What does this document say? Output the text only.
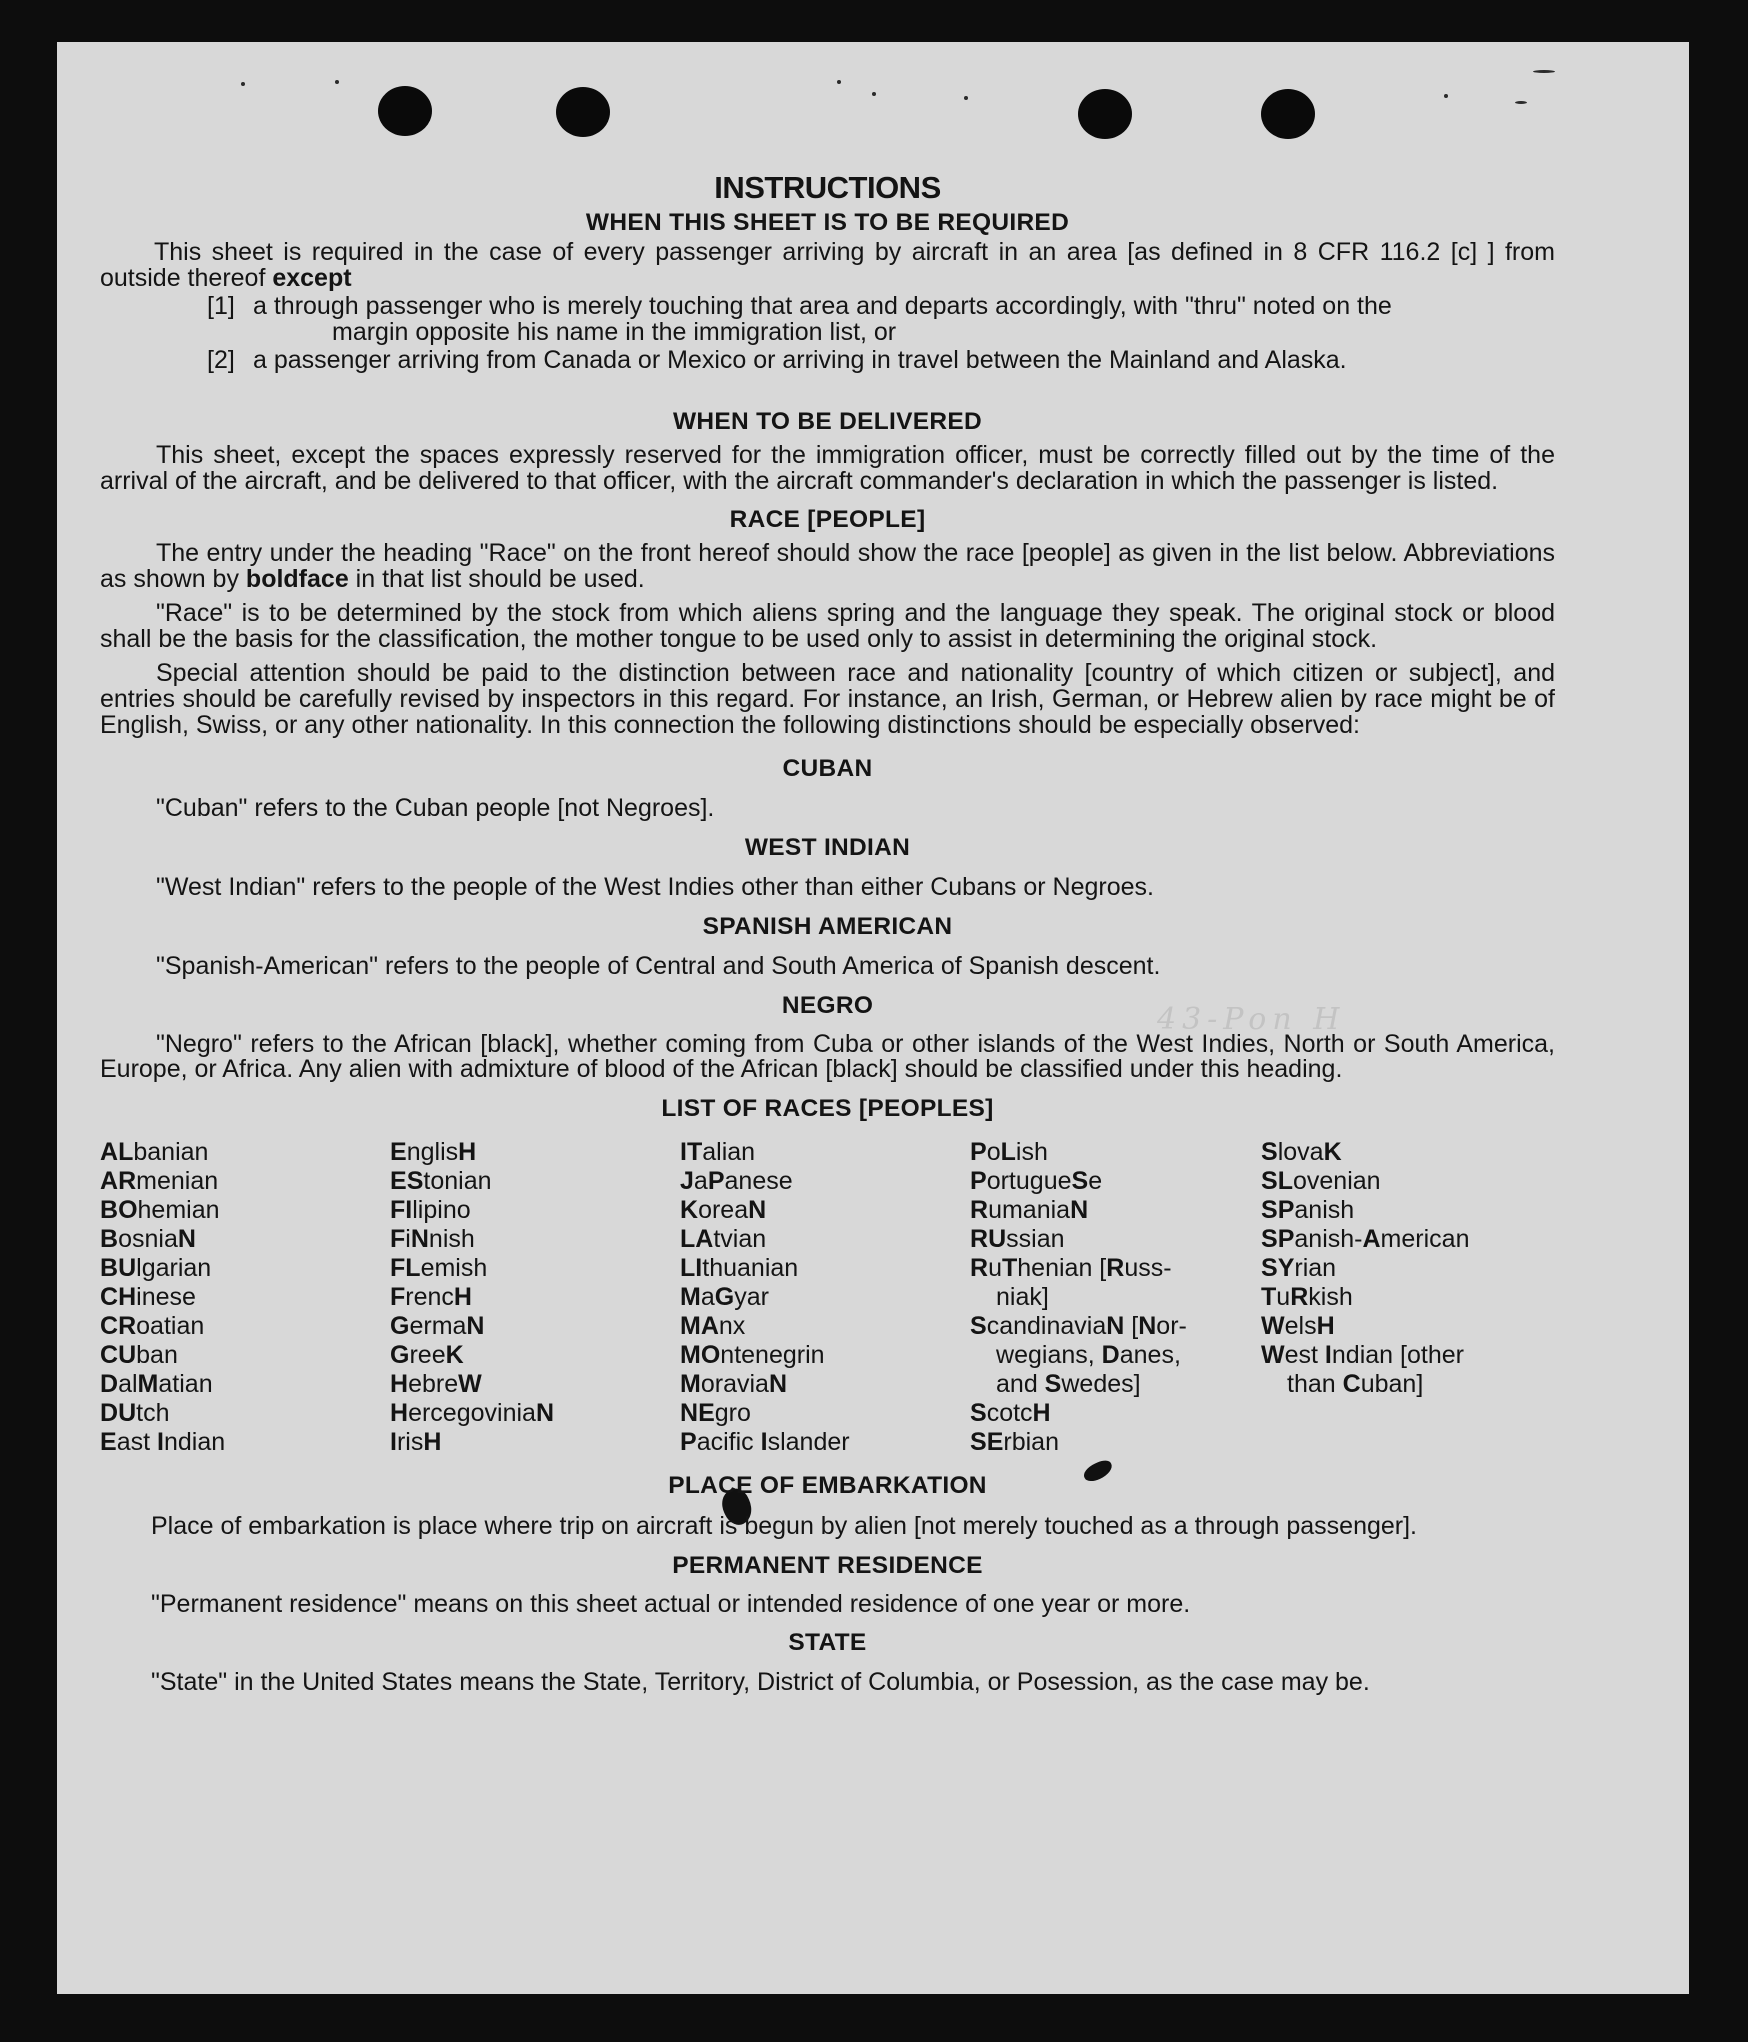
43-Pon H
INSTRUCTIONS
WHEN THIS SHEET IS TO BE REQUIRED

This sheet is required in the case of every passenger arriving by aircraft in an area [as defined in 8 CFR 116.2 [c] ] from outside thereof except

[1] a through passenger who is merely touching that area and departs accordingly, with "thru" noted on the
margin opposite his name in the immigration list, or
[2] a passenger arriving from Canada or Mexico or arriving in travel between the Mainland and Alaska.
WHEN TO BE DELIVERED

This sheet, except the spaces expressly reserved for the immigration officer, must be correctly filled out by the time of the arrival of the aircraft, and be delivered to that officer, with the aircraft commander's declaration in which the passenger is listed.

RACE [PEOPLE]

The entry under the heading "Race" on the front hereof should show the race [people] as given in the list below. Abbreviations as shown by boldface in that list should be used.

"Race" is to be determined by the stock from which aliens spring and the language they speak. The original stock or blood shall be the basis for the classification, the mother tongue to be used only to assist in determining the original stock.

Special attention should be paid to the distinction between race and nationality [country of which citizen or subject], and entries should be carefully revised by inspectors in this regard. For instance, an Irish, German, or Hebrew alien by race might be of English, Swiss, or any other nationality. In this connection the following distinctions should be especially observed:

CUBAN

"Cuban" refers to the Cuban people [not Negroes].

WEST INDIAN

"West Indian" refers to the people of the West Indies other than either Cubans or Negroes.

SPANISH AMERICAN

"Spanish-American" refers to the people of Central and South America of Spanish descent.

NEGRO

"Negro" refers to the African [black], whether coming from Cuba or other islands of the West Indies, North or South America, Europe, or Africa. Any alien with admixture of blood of the African [black] should be classified under this heading.

LIST OF RACES [PEOPLES]
ALbanian
ARmenian
BOhemian
BosniaN
BUlgarian
CHinese
CRoatian
CUban
DalMatian
DUtch
East Indian
EnglisH
EStonian
FIlipino
FiNnish
FLemish
FrencH
GermaN
GreeK
HebreW
HercegoviniaN
IrisH
ITalian
JaPanese
KoreaN
LAtvian
LIthuanian
MaGyar
MAnx
MOntenegrin
MoraviaN
NEgro
Pacific Islander
PoLish
PortugueSe
RumaniaN
RUssian
RuThenian [Russ-
niak]
ScandinaviaN [Nor-
wegians, Danes,
and Swedes]
ScotcH
SErbian
SlovaK
SLovenian
SPanish
SPanish-American
SYrian
TuRkish
WelsH
West Indian [other
than Cuban]
PLACE OF EMBARKATION

Place of embarkation is place where trip on aircraft is begun by alien [not merely touched as a through passenger].

PERMANENT RESIDENCE

"Permanent residence" means on this sheet actual or intended residence of one year or more.

STATE

"State" in the United States means the State, Territory, District of Columbia, or Posession, as the case may be.
